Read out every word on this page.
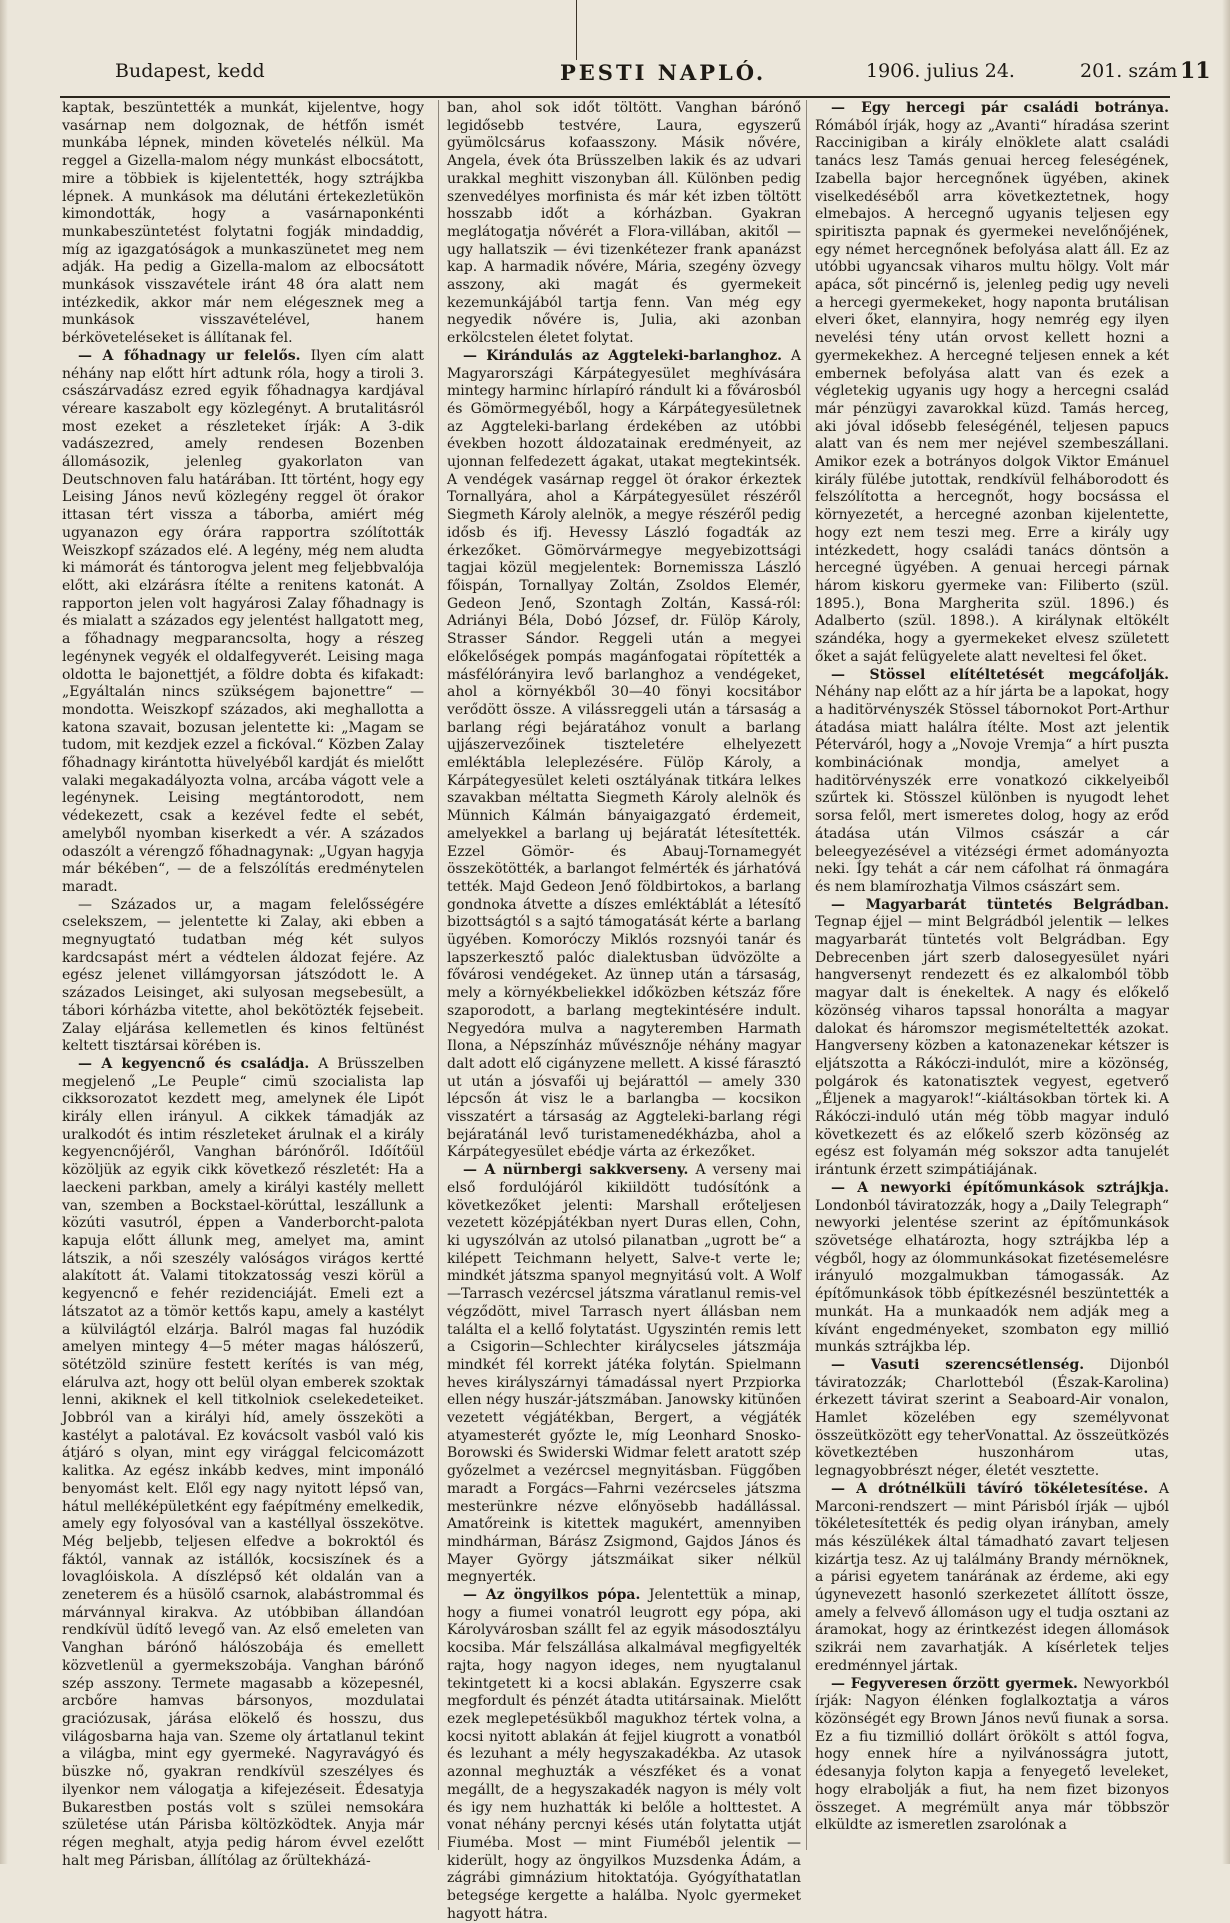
Budapest, kedd	PESTI NAPLÓ.	1906. julius 24.	201. szám 11

kaptak, beszüntették a munkát, kijelentve, hogy vasárnap nem dolgoznak, de hétfőn ismét munkába lépnek, minden követelés nélkül. Ma reggel a Gizella-malom négy munkást elbocsátott, mire a többiek is kijelentették, hogy sztrájkba lépnek. A munkások ma délutáni értekezletükön kimondották, hogy a vasárnaponkénti munkabeszüntetést folytatni fogják mindaddig, míg az igazgatóságok a munkaszünetet meg nem adják. Ha pedig a Gizella-malom az elbocsátott munkások visszavétele iránt 48 óra alatt nem intézkedik, akkor már nem elégesznek meg a munkások visszavételével, hanem bérköveteléseket is állítanak fel.

— A főhadnagy ur felelős. Ilyen cím alatt néhány nap előtt hírt adtunk róla, hogy a tiroli 3. császárvadász ezred egyik főhadnagya kardjával véreare kaszabolt egy közlegényt. A brutalitásról most ezeket a részleteket írják: A 3-dik vadászezred, amely rendesen Bozenben állomásozik, jelenleg gyakorlaton van Deutschnoven falu határában. Itt történt, hogy egy Leising János nevű közlegény reggel öt órakor ittasan tért vissza a táborba, amiért még ugyanazon egy órára rapportra szólították Weiszkopf százados elé. A legény, még nem aludta ki mámorát és tántorogva jelent meg feljebbvalója előtt, aki elzárásra ítélte a renitens katonát. A rapporton jelen volt hagyárosi Zalay főhadnagy is és mialatt a százados egy jelentést hallgatott meg, a főhadnagy megparancsolta, hogy a részeg legénynek vegyék el oldalfegyverét. Leising maga oldotta le bajonettjét, a földre dobta és kifakadt: „Egyáltalán nincs szükségem bajonettre“ — mondotta. Weiszkopf százados, aki meghallotta a katona szavait, bozusan jelentette ki: „Magam se tudom, mit kezdjek ezzel a fickóval.“ Közben Zalay főhadnagy kirántotta hüvelyéből kardját és mielőtt valaki megakadályozta volna, arcába vágott vele a legénynek. Leising megtántorodott, nem védekezett, csak a kezével fedte el sebét, amelyből nyomban kiserkedt a vér. A százados odaszólt a vérengző főhadnagynak: „Ugyan hagyja már békében“, — de a felszólítás eredménytelen maradt.

— Százados ur, a magam felelősségére cselekszem, — jelentette ki Zalay, aki ebben a megnyugtató tudatban még két sulyos kardcsapást mért a védtelen áldozat fejére. Az egész jelenet villámgyorsan játszódott le. A százados Leisinget, aki sulyosan megsebesült, a tábori kórházba vitette, ahol bekötözték fejsebeit. Zalay eljárása kellemetlen és kinos feltünést keltett tisztársai körében is.

— A kegyencnő és családja. A Brüsszelben megjelenő „Le Peuple“ cimü szocialista lap cikksorozatot kezdett meg, amelynek éle Lipót király ellen irányul. A cikkek támadják az uralkodót és intim részleteket árulnak el a király kegyencnőjéről, Vanghan bárónőről. Időítőül közöljük az egyik cikk következő részletét: Ha a laeckeni parkban, amely a királyi kastély mellett van, szemben a Bockstael-körúttal, leszállunk a közúti vasutról, éppen a Vanderborcht-palota kapuja előtt állunk meg, amelyet ma, amint látszik, a női szeszély valóságos virágos kertté alakított át. Valami titokzatosság veszi körül a kegyencnő e fehér rezidenciáját. Emeli ezt a látszatot az a tömör kettős kapu, amely a kastélyt a külvilágtól elzárja. Balról magas fal huzódik amelyen mintegy 4—5 méter magas hálószerű, sötétzöld szinüre festett kerítés is van még, elárulva azt, hogy ott belül olyan emberek szoktak lenni, akiknek el kell titkolniok cselekedeteiket. Jobbról van a királyi híd, amely összeköti a kastélyt a palotával. Ez kovácsolt vasból való kis átjáró s olyan, mint egy virággal felcicomázott kalitka. Az egész inkább kedves, mint imponáló benyomást kelt. Elől egy nagy nyitott lépső van, hátul melléképületként egy faépítmény emelkedik, amely egy folyosóval van a kastéllyal összekötve. Még beljebb, teljesen elfedve a bokroktól és fáktól, vannak az istállók, kocsiszínek és a lovaglóiskola. A díszlépső két oldalán van a zeneterem és a hüsölő csarnok, alabástrommal és márvánnyal kirakva. Az utóbbiban állandóan rendkívül üdítő levegő van. Az első emeleten van Vanghan bárónő hálószobája és emellett közvetlenül a gyermekszobája. Vanghan bárónő szép asszony. Termete magasabb a közepesnél, arcbőre hamvas bársonyos, mozdulatai graciózusak, járása elökelő és hosszu, dus világosbarna haja van. Szeme oly ártatlanul tekint a világba, mint egy gyermeké. Nagyravágyó és büszke nő, gyakran rendkívül szeszélyes és ilyenkor nem válogatja a kifejezéseit. Édesatyja Bukarestben postás volt s szülei nemsokára születése után Párisba költözködtek. Anyja már régen meghalt, atyja pedig három évvel ezelőtt halt meg Párisban, állítólag az őrültekházá-

ban, ahol sok időt töltött. Vanghan bárónő legidősebb testvére, Laura, egyszerű gyümölcsárus kofaasszony. Másik nővére, Angela, évek óta Brüsszelben lakik és az udvari urakkal meghitt viszonyban áll. Különben pedig szenvedélyes morfinista és már két izben töltött hosszabb időt a kórházban. Gyakran meglátogatja nővérét a Flora-villában, akitől — ugy hallatszik — évi tizenkétezer frank apanázst kap. A harmadik nővére, Mária, szegény özvegy asszony, aki magát és gyermekeit kezemunkájából tartja fenn. Van még egy negyedik nővére is, Julia, aki azonban erkölcstelen életet folytat.

— Kirándulás az Aggteleki-barlanghoz. A Magyarországi Kárpátegyesület meghívására mintegy harminc hírlapíró rándult ki a fővárosból és Gömörmegyéből, hogy a Kárpátegyesületnek az Aggteleki-barlang érdekében az utóbbi években hozott áldozatainak eredményeit, az ujonnan felfedezett ágakat, utakat megtekintsék. A vendégek vasárnap reggel öt órakor érkeztek Tornallyára, ahol a Kárpátegyesület részéről Siegmeth Károly alelnök, a megye részéről pedig idősb és ifj. Hevessy László fogadták az érkezőket. Gömörvármegye megyebizottsági tagjai közül megjelentek: Bornemissza László főispán, Tornallyay Zoltán, Zsoldos Elemér, Gedeon Jenő, Szontagh Zoltán, Kassá-ról: Adriányi Béla, Dobó József, dr. Fülöp Károly, Strasser Sándor. Reggeli után a megyei előkelőségek pompás magánfogatai röpítették a másfélórányira levő barlanghoz a vendégeket, ahol a környékből 30—40 fönyi kocsitábor verődött össze. A vilássreggeli után a társaság a barlang régi bejáratához vonult a barlang ujjászervezőinek tiszteletére elhelyezett emléktábla leleplezésére. Fülöp Károly, a Kárpátegyesület keleti osztályának titkára lelkes szavakban méltatta Siegmeth Károly alelnök és Münnich Kálmán bányaigazgató érdemeit, amelyekkel a barlang uj bejáratát létesítették. Ezzel Gömör- és Abauj-Tornamegyét összekötötték, a barlangot felmérték és járhatóvá tették. Majd Gedeon Jenő földbirtokos, a barlang gondnoka átvette a díszes emléktáblát a létesítő bizottságtól s a sajtó támogatását kérte a barlang ügyében. Komoróczy Miklós rozsnyói tanár és lapszerkesztő palóc dialektusban üdvözölte a fővárosi vendégeket. Az ünnep után a társaság, mely a környékbeliekkel időközben kétszáz főre szaporodott, a barlang megtekintésére indult. Negyedóra mulva a nagyteremben Harmath Ilona, a Népszínház művésznője néhány magyar dalt adott elő cigányzene mellett. A kissé fárasztó ut után a jósvafői uj bejárattól — amely 330 lépcsőn át visz le a barlangba — kocsikon visszatért a társaság az Aggteleki-barlang régi bejáratánál levő turistamenedékházba, ahol a Kárpátegyesület ebédje várta az érkezőket.

— A nürnbergi sakkverseny. A verseny mai első fordulójáról kikiildött tudósítónk a következőket jelenti: Marshall erőteljesen vezetett középjátékban nyert Duras ellen, Cohn, ki ugyszólván az utolsó pilanatban „ugrott be“ a kilépett Teichmann helyett, Salve-t verte le; mindkét játszma spanyol megnyitású volt. A Wolf—Tarrasch vezércsel játszma váratlanul remis-vel végződött, mivel Tarrasch nyert állásban nem találta el a kellő folytatást. Ugyszintén remis lett a Csigorin—Schlechter királycseles játszmája mindkét fél korrekt játéka folytán. Spielmann heves királyszárnyi támadással nyert Przpiorka ellen négy huszár-játszmában. Janowsky kitünően vezetett végjátékban, Bergert, a végjáték atyamesterét győzte le, míg Leonhard Snosko-Borowski és Swiderski Widmar felett aratott szép győzelmet a vezércsel megnyitásban. Függőben maradt a Forgács—Fahrni vezércseles játszma mesterünkre nézve előnyösebb hadállással. Amatőreink is kitettek magukért, amennyiben mindhárman, Bárász Zsigmond, Gajdos János és Mayer György játszmáikat siker nélkül megnyerték.

— Az öngyilkos pópa. Jelentettük a minap, hogy a fiumei vonatról leugrott egy pópa, aki Károlyvárosban szállt fel az egyik másodosztályu kocsiba. Már felszállása alkalmával megfigyelték rajta, hogy nagyon ideges, nem nyugtalanul tekintgetett ki a kocsi ablakán. Egyszerre csak megfordult és pénzét átadta utitársainak. Mielőtt ezek meglepetésükből magukhoz tértek volna, a kocsi nyitott ablakán át fejjel kiugrott a vonatból és lezuhant a mély hegyszakadékba. Az utasok azonnal meghuzták a vészféket és a vonat megállt, de a hegyszakadék nagyon is mély volt és igy nem huzhatták ki belőle a holttestet. A vonat néhány percnyi késés után folytatta utját Fiuméba. Most — mint Fiuméből jelentik — kiderült, hogy az öngyilkos Muzsdenka Ádám, a zágrábi gimnázium hitoktatója. Gyógyíthatatlan betegsége kergette a halálba. Nyolc gyermeket hagyott hátra.

— Egy hercegi pár családi botránya. Rómából írják, hogy az „Avanti“ híradása szerint Raccinigiban a király elnöklete alatt családi tanács lesz Tamás genuai herceg feleségének, Izabella bajor hercegnőnek ügyében, akinek viselkedéséből arra következtetnek, hogy elmebajos. A hercegnő ugyanis teljesen egy spiritiszta papnak és gyermekei nevelőnőjének, egy német hercegnőnek befolyása alatt áll. Ez az utóbbi ugyancsak viharos multu hölgy. Volt már apáca, sőt pincérnő is, jelenleg pedig ugy neveli a hercegi gyermekeket, hogy naponta brutálisan elveri őket, elannyira, hogy nemrég egy ilyen nevelési tény után orvost kellett hozni a gyermekekhez. A hercegné teljesen ennek a két embernek befolyása alatt van és ezek a végletekig ugyanis ugy hogy a hercegni család már pénzügyi zavarokkal küzd. Tamás herceg, aki jóval idősebb feleségénél, teljesen papucs alatt van és nem mer nejével szembeszállani. Amikor ezek a botrányos dolgok Viktor Emánuel király fülébe jutottak, rendkívül felháborodott és felszólította a hercegnőt, hogy bocsássa el környezetét, a hercegné azonban kijelentette, hogy ezt nem teszi meg. Erre a király ugy intézkedett, hogy családi tanács döntsön a hercegné ügyében. A genuai hercegi párnak három kiskoru gyermeke van: Filiberto (szül. 1895.), Bona Margherita szül. 1896.) és Adalberto (szül. 1898.). A királynak eltökélt szándéka, hogy a gyermekeket elvesz született őket a saját felügyelete alatt neveltesi fel őket.

— Stössel elítéltetését megcáfolják. Néhány nap előtt az a hír járta be a lapokat, hogy a haditörvényszék Stössel tábornokot Port-Arthur átadása miatt halálra ítélte. Most azt jelentik Péterváról, hogy a „Novoje Vremja“ a hírt puszta kombinációnak mondja, amelyet a haditörvényszék erre vonatkozó cikkelyeiből szűrtek ki. Stösszel különben is nyugodt lehet sorsa felől, mert ismeretes dolog, hogy az erőd átadása után Vilmos császár a cár beleegyezésével a vitézségi érmet adományozta neki. Így tehát a cár nem cáfolhat rá önmagára és nem blamírozhatja Vilmos császárt sem.

— Magyarbarát tüntetés Belgrádban. Tegnap éjjel — mint Belgrádból jelentik — lelkes magyarbarát tüntetés volt Belgrádban. Egy Debrecenben járt szerb dalosegyesület nyári hangversenyt rendezett és ez alkalomból több magyar dalt is énekeltek. A nagy és előkelő közönség viharos tapssal honorálta a magyar dalokat és háromszor megismételtették azokat. Hangverseny közben a katonazenekar kétszer is eljátszotta a Rákóczi-indulót, mire a közönség, polgárok és katonatisztek vegyest, egetverő „Éljenek a magyarok!“-kiáltásokban törtek ki. A Rákóczi-induló után még több magyar induló következett és az előkelő szerb közönség az egész est folyamán még sokszor adta tanujelét irántunk érzett szimpátiájának.

— A newyorki építőmunkások sztrájkja. Londonból táviratozzák, hogy a „Daily Telegraph“ newyorki jelentése szerint az építőmunkások szövetsége elhatározta, hogy sztrájkba lép a végből, hogy az ólommunkásokat fizetésemelésre irányuló mozgalmukban támogassák. Az építőmunkások több építkezésnél beszüntették a munkát. Ha a munkaadók nem adják meg a kívánt engedményeket, szombaton egy millió munkás sztrájkba lép.

— Vasuti szerencsétlenség. Dijonból táviratozzák; Charlotteból (Észak-Karolina) érkezett távirat szerint a Seaboard-Air vonalon, Hamlet közelében egy személyvonat összeütközött egy teherVonattal. Az összeütközés következtében huszonhárom utas, legnagyobbrészt néger, életét vesztette.

— A drótnélküli távíró tökéletesítése. A Marconi-rendszert — mint Párisból írják — ujból tökéletesítették és pedig olyan irányban, amely más készülékek által támadható zavart teljesen kizártja tesz. Az uj találmány Brandy mérnöknek, a párisi egyetem tanárának az érdeme, aki egy úgynevezett hasonló szerkezetet állított össze, amely a felvevő állomáson ugy el tudja osztani az áramokat, hogy az érintkezést idegen állomások szikrái nem zavarhatják. A kísérletek teljes eredménnyel jártak.

— Fegyveresen őrzött gyermek. Newyorkból írják: Nagyon élénken foglalkoztatja a város közönségét egy Brown János nevű fiunak a sorsa. Ez a fiu tizmillió dollárt örökölt s attól fogva, hogy ennek híre a nyilvánosságra jutott, édesanyja folyton kapja a fenyegető leveleket, hogy elrabolják a fiut, ha nem fizet bizonyos összeget. A megrémült anya már többször elküldte az ismeretlen zsarolónak a
